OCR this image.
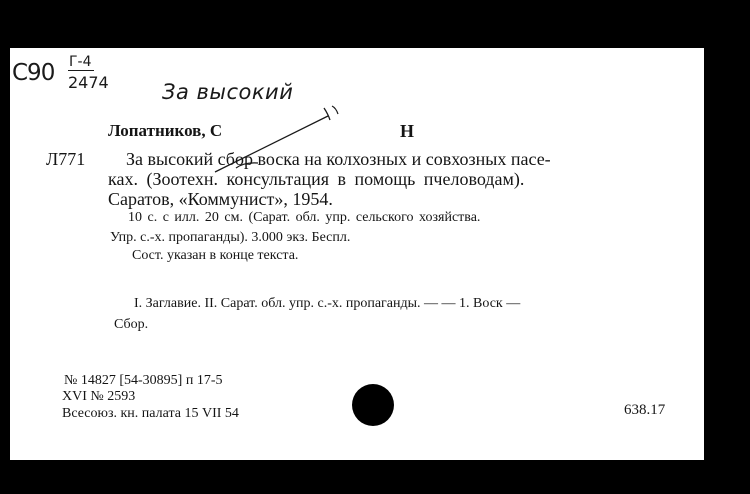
C90 Г-4
2474	За высокий
Лопатников, С	Н
Л771 За высокий сбор воска на колхозных и совхозных пасе-
ках. (Зоотехн. консультация в помощь пчеловодам).
Саратов, «Коммунист», 1954.
10 с. с илл. 20 см. (Сарат. обл. упр. сельского хозяйства.
Упр. с.-х. пропаганды). 3.000 экз. Беспл.
Сост. указан в конце текста.
I. Заглавие. II. Сарат. обл. упр. с.-х. пропаганды. — — 1. Воск —
Сбор.
№ 14827 [54-30895] п 17-5
XVI № 2593
Всесоюз. кн. палата 15 VII 54	638.17
